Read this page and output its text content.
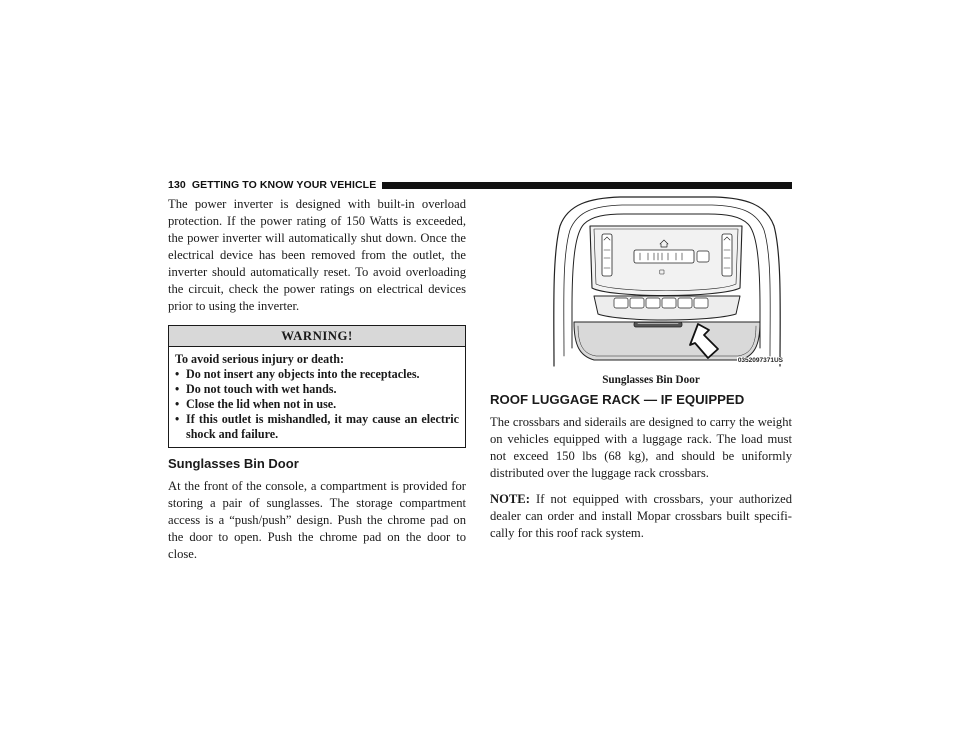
130 GETTING TO KNOW YOUR VEHICLE

The power inverter is designed with built-in overload protection. If the power rating of 150 Watts is exceeded, the power inverter will automatically shut down. Once the electrical device has been removed from the outlet, the inverter should automatically reset. To avoid overloading the circuit, check the power ratings on electrical devices prior to using the inverter.

WARNING!
To avoid serious injury or death:
•
Do not insert any objects into the receptacles.
•
Do not touch with wet hands.
•
Close the lid when not in use.
•
If this outlet is mishandled, it may cause an electric shock and failure.
Sunglasses Bin Door

At the front of the console, a compartment is provided for storing a pair of sunglasses. The storage compartment access is a “push/push” design. Push the chrome pad on the door to open. Push the chrome pad on the door to close.

0352097371US
Sunglasses Bin Door
ROOF LUGGAGE RACK — IF EQUIPPED

The crossbars and siderails are designed to carry the weight on vehicles equipped with a luggage rack. The load must not exceed 150 lbs (68 kg), and should be uniformly distributed over the luggage rack crossbars.

NOTE: If not equipped with crossbars, your authorized dealer can order and install Mopar crossbars built specifi-cally for this roof rack system.
